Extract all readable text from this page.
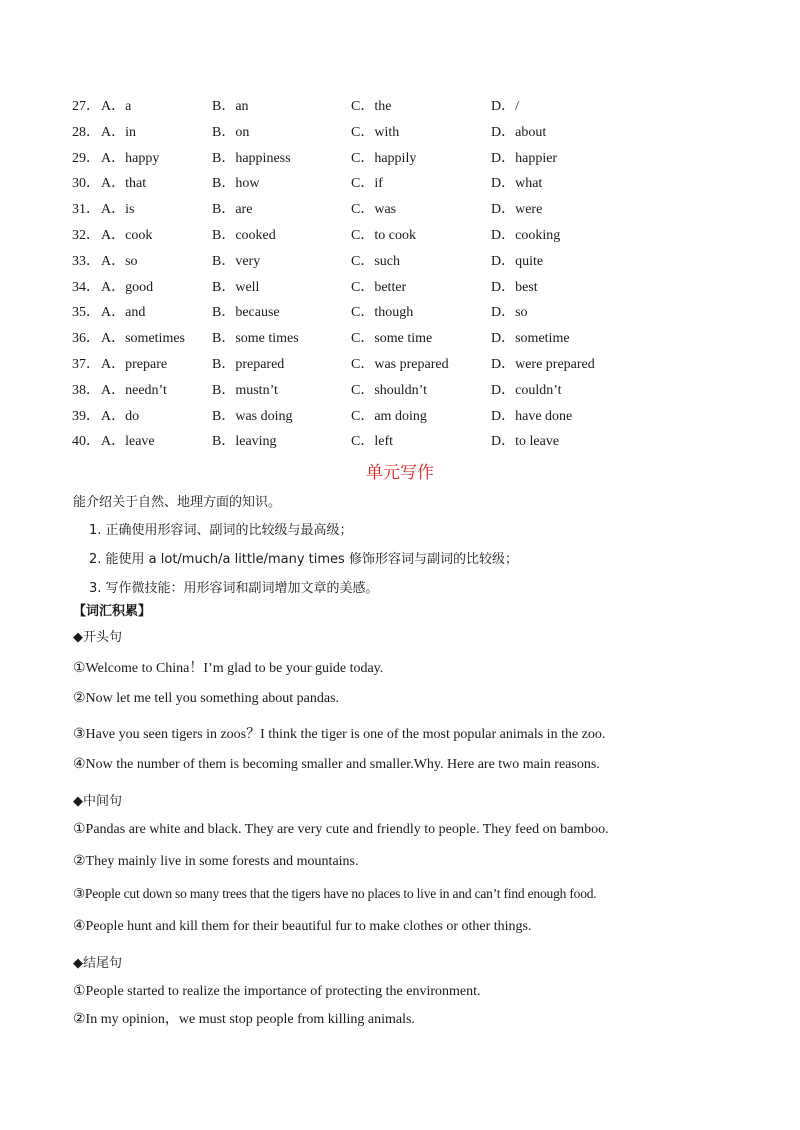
27． A．a	B．an	C．the	D．/
28． A．in	B．on	C．with	D．about
29． A．happy	B．happiness	C．happily	D．happier
30． A．that	B．how	C．if	D．what
31． A．is	B．are	C．was	D．were
32． A．cook	B．cooked	C．to cook	D．cooking
33． A．so	B．very	C．such	D．quite
34． A．good	B．well	C．better	D．best
35． A．and	B．because	C．though	D．so
36． A．sometimes B．some times	C．some time	D．sometime
37． A．prepare	B．prepared	C．was prepared	D．were prepared
38． A．needn’t	B．mustn’t	C．shouldn’t	D．couldn’t
39． A．do	B．was doing	C．am doing	D．have done
40． A．leave	B．leaving	C．left	D．to leave
单元写作
能介绍关于自然、地理方面的知识。
1. 正确使用形容词、副词的比较级与最高级；
2. 能使用 a lot/much/a little/many times 修饰形容词与副词的比较级；
3. 写作微技能：用形容词和副词增加文章的美感。
【词汇积累】
◆开头句
①Welcome to China！I’m glad to be your guide today.
②Now let me tell you something about pandas.
③Have you seen tigers in zoos？I think the tiger is one of the most popular animals in the zoo.
④Now the number of them is becoming smaller and smaller.Why. Here are two main reasons.
◆中间句
①Pandas are white and black. They are very cute and friendly to people. They feed on bamboo.
②They mainly live in some forests and mountains.
③People cut down so many trees that the tigers have no places to live in and can’t find enough food.
④People hunt and kill them for their beautiful fur to make clothes or other things.
◆结尾句
①People started to realize the importance of protecting the environment.
②In my opinion，we must stop people from killing animals.
